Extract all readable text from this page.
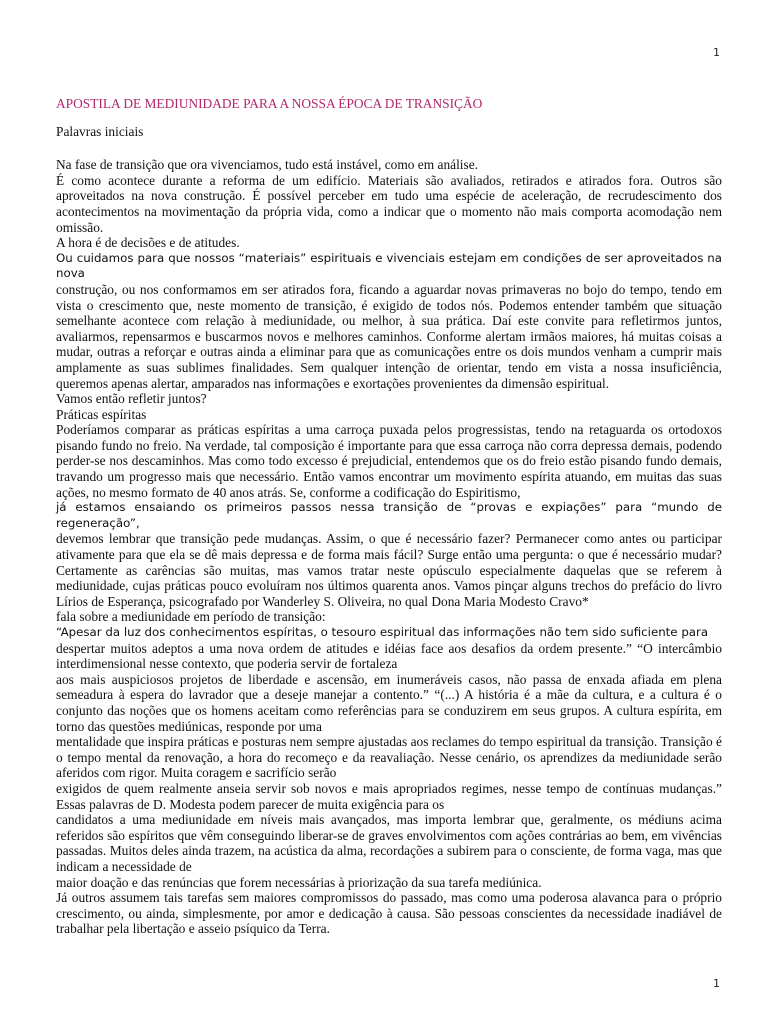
1

APOSTILA DE MEDIUNIDADE PARA A NOSSA ÉPOCA DE TRANSIÇÃO

Palavras iniciais

Na fase de transição que ora vivenciamos, tudo está instável, como em análise.

É como acontece durante a reforma de um edifício. Materiais são avaliados, retirados e atirados fora. Outros são aproveitados na nova construção. É possível perceber em tudo uma espécie de aceleração, de recrudescimento dos acontecimentos na movimentação da própria vida, como a indicar que o momento não mais comporta acomodação nem omissão.

A hora é de decisões e de atitudes.

Ou cuidamos para que nossos “materiais” espirituais e vivenciais estejam em condições de ser aproveitados na nova

construção, ou nos conformamos em ser atirados fora, ficando a aguardar novas primaveras no bojo do tempo, tendo em vista o crescimento que, neste momento de transição, é exigido de todos nós. Podemos entender também que situação semelhante acontece com relação à mediunidade, ou melhor, à sua prática. Daí este convite para refletirmos juntos, avaliarmos, repensarmos e buscarmos novos e melhores caminhos. Conforme alertam irmãos maiores, há muitas coisas a mudar, outras a reforçar e outras ainda a eliminar para que as comunicações entre os dois mundos venham a cumprir mais amplamente as suas sublimes finalidades. Sem qualquer intenção de orientar, tendo em vista a nossa insuficiência, queremos apenas alertar, amparados nas informações e exortações provenientes da dimensão espiritual.

Vamos então refletir juntos?

Práticas espíritas

Poderíamos comparar as práticas espíritas a uma carroça puxada pelos progressistas, tendo na retaguarda os ortodoxos pisando fundo no freio. Na verdade, tal composição é importante para que essa carroça não corra depressa demais, podendo perder-se nos descaminhos. Mas como todo excesso é prejudicial, entendemos que os do freio estão pisando fundo demais, travando um progresso mais que necessário. Então vamos encontrar um movimento espírita atuando, em muitas das suas ações, no mesmo formato de 40 anos atrás. Se, conforme a codificação do Espiritismo,

já estamos ensaiando os primeiros passos nessa transição de “provas e expiações” para “mundo de regeneração”,

devemos lembrar que transição pede mudanças. Assim, o que é necessário fazer? Permanecer como antes ou participar ativamente para que ela se dê mais depressa e de forma mais fácil? Surge então uma pergunta: o que é necessário mudar? Certamente as carências são muitas, mas vamos tratar neste opúsculo especialmente daquelas que se referem à mediunidade, cujas práticas pouco evoluíram nos últimos quarenta anos. Vamos pinçar alguns trechos do prefácio do livro Lírios de Esperança, psicografado por Wanderley S. Oliveira, no qual Dona Maria Modesto Cravo*

fala sobre a mediunidade em período de transição:

“Apesar da luz dos conhecimentos espíritas, o tesouro espiritual das informações não tem sido suficiente para

despertar muitos adeptos a uma nova ordem de atitudes e idéias face aos desafios da ordem presente.” “O intercâmbio interdimensional nesse contexto, que poderia servir de fortaleza

aos mais auspiciosos projetos de liberdade e ascensão, em inumeráveis casos, não passa de enxada afiada em plena semeadura à espera do lavrador que a deseje manejar a contento.” “(...) A história é a mãe da cultura, e a cultura é o conjunto das noções que os homens aceitam como referências para se conduzirem em seus grupos. A cultura espírita, em torno das questões mediúnicas, responde por uma

mentalidade que inspira práticas e posturas nem sempre ajustadas aos reclames do tempo espiritual da transição. Transição é o tempo mental da renovação, a hora do recomeço e da reavaliação. Nesse cenário, os aprendizes da mediunidade serão aferidos com rigor. Muita coragem e sacrifício serão

exigidos de quem realmente anseia servir sob novos e mais apropriados regimes, nesse tempo de contínuas mudanças.” Essas palavras de D. Modesta podem parecer de muita exigência para os

candidatos a uma mediunidade em níveis mais avançados, mas importa lembrar que, geralmente, os médiuns acima referidos são espíritos que vêm conseguindo liberar-se de graves envolvimentos com ações contrárias ao bem, em vivências passadas. Muitos deles ainda trazem, na acústica da alma, recordações a subirem para o consciente, de forma vaga, mas que indicam a necessidade de

maior doação e das renúncias que forem necessárias à priorização da sua tarefa mediúnica.

Já outros assumem tais tarefas sem maiores compromissos do passado, mas como uma poderosa alavanca para o próprio crescimento, ou ainda, simplesmente, por amor e dedicação à causa. São pessoas conscientes da necessidade inadiável de trabalhar pela libertação e asseio psíquico da Terra.

1
